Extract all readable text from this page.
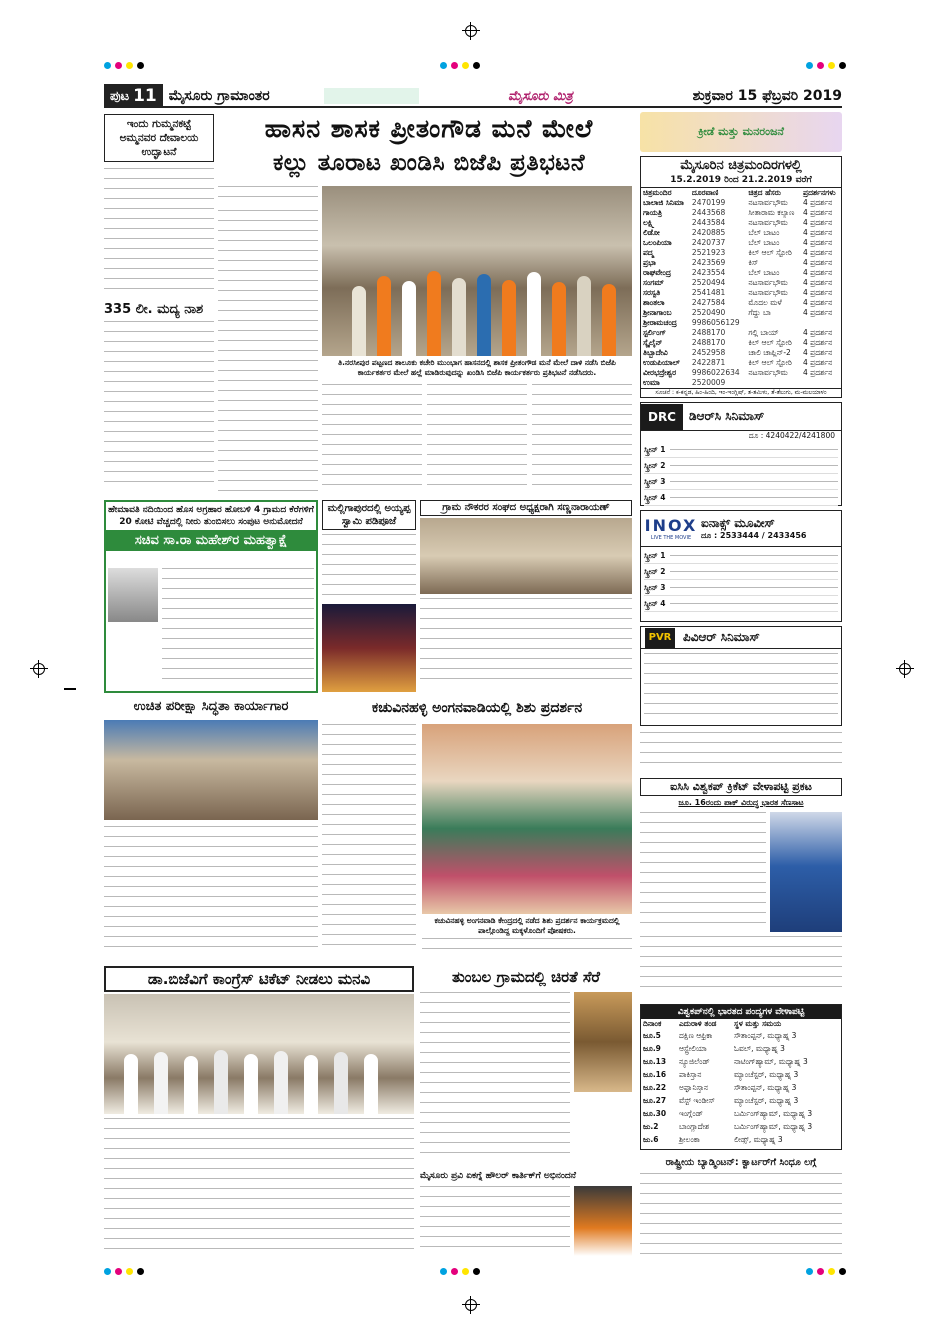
ಪುಟ 11 ಮೈಸೂರು ಗ್ರಾಮಾಂತರ	ಮೈಸೂರು ಮಿತ್ರ	ಶುಕ್ರವಾರ 15 ಫೆಬ್ರವರಿ 2019
ಇಂದು ಗುಮ್ಮನಕಟ್ಟೆ ಅಮ್ಮನವರ ದೇವಾಲಯ ಉದ್ಘಾಟನೆ
335 ಲೀ. ಮದ್ಯ ನಾಶ
ಹಾಸನ ಶಾಸಕ ಪ್ರೀತಂಗೌಡ ಮನೆ ಮೇಲೆ
ಕಲ್ಲು ತೂರಾಟ ಖಂಡಿಸಿ ಬಿಜೆಪಿ ಪ್ರತಿಭಟನೆ
ತಿ.ನರಸೀಪುರ ಪಟ್ಟಣದ ತಾಲೂಕು ಕಚೇರಿ ಮುಂಭಾಗ ಹಾಸನದಲ್ಲಿ ಶಾಸಕ ಪ್ರೀತಂಗೌಡ ಮನೆ ಮೇಲೆ ದಾಳಿ ನಡೆಸಿ ಬಿಜೆಪಿ ಕಾರ್ಯಕರ್ತರ ಮೇಲೆ ಹಲ್ಲೆ ಮಾಡಿರುವುದನ್ನು ಖಂಡಿಸಿ ಬಿಜೆಪಿ ಕಾರ್ಯಕರ್ತರು ಪ್ರತಿಭಟನೆ ನಡೆಸಿದರು.
ಹೇಮಾವತಿ ನದಿಯಿಂದ ಹೊಸ ಅಗ್ರಹಾರ ಹೋಬಳಿ 4 ಗ್ರಾಮದ ಕೆರೆಗಳಿಗೆ 20 ಕೋಟಿ ವೆಚ್ಚದಲ್ಲಿ ನೀರು ತುಂಬಿಸಲು ಸಂಪುಟ ಅನುಮೋದನೆ
ಸಚಿವ ಸಾ.ರಾ ಮಹೇಶ್‍ರ ಮಹತ್ವಾಕ್ಷೆ
ಮಲ್ಲಿಗಾಪುರದಲ್ಲಿ ಅಯ್ಯಪ್ಪ ಸ್ವಾಮಿ ಪಡಿಪೂಜೆ
ಗ್ರಾಮ ನೌಕರರ ಸಂಘದ ಅಧ್ಯಕ್ಷರಾಗಿ ಸಣ್ಣನಾರಾಯಣ್
ಉಚಿತ ಪರೀಕ್ಷಾ ಸಿದ್ಧತಾ ಕಾರ್ಯಾಗಾರ	ಕಚುವಿನಹಳ್ಳಿ ಅಂಗನವಾಡಿಯಲ್ಲಿ ಶಿಶು ಪ್ರದರ್ಶನ
ಕಚುವಿನಹಳ್ಳಿ ಅಂಗನವಾಡಿ ಕೇಂದ್ರದಲ್ಲಿ ನಡೆದ ಶಿಶು ಪ್ರದರ್ಶನ ಕಾರ್ಯಕ್ರಮದಲ್ಲಿ ಪಾಲ್ಗೊಂಡಿದ್ದ ಮಕ್ಕಳೊಂದಿಗೆ ಪೋಷಕರು.
ಡಾ.ಬಿಜೆವಿಗೆ ಕಾಂಗ್ರೆಸ್ ಟಿಕೆಟ್ ನೀಡಲು ಮನವಿ	ತುಂಬಲ ಗ್ರಾಮದಲ್ಲಿ ಚಿರತೆ ಸೆರೆ
ಮೈಸೂರು ಪ್ರವಿ ಏಕಗ್ನೆ ಹೌಲರ್ ಕಾರ್ತಿಕ್‌ಗೆ ಅಭಿನಂದನೆ
ಕ್ರೀಡೆ ಮತ್ತು ಮನರಂಜನೆ
ಮೈಸೂರಿನ ಚಿತ್ರಮಂದಿರಗಳಲ್ಲಿ
15.2.2019 ರಿಂದ 21.2.2019 ವರೆಗೆ
ಚಿತ್ರಮಂದಿರ	ದೂರವಾಣಿ	ಚಿತ್ರದ ಹೆಸರು	ಪ್ರದರ್ಶನಗಳು
ಬಾಲಾಜಿ ಸಿನಿಮಾ	2470199	ನಟಸಾರ್ವಭೌಮ	4 ಪ್ರದರ್ಶನ
ಗಾಯತ್ರಿ	2443568	ಸೀತಾರಾಮ ಕಲ್ಯಾಣ	4 ಪ್ರದರ್ಶನ
ಲಕ್ಷ್ಮಿ	2443584	ನಟಸಾರ್ವಭೌಮ	4 ಪ್ರದರ್ಶನ
ಲಿಡೋ	2420885	ಬೆಲ್ ಬಾಟಂ	4 ಪ್ರದರ್ಶನ
ಒಲಂಪಿಯಾ	2420737	ಬೆಲ್ ಬಾಟಂ	4 ಪ್ರದರ್ಶನ
ಪದ್ಮ	2521923	ಕಿಲ್ ಆಲ್ ಸ್ಟೋರಿ	4 ಪ್ರದರ್ಶನ
ಪ್ರಭಾ	2423569	ಕಿಸ್	4 ಪ್ರದರ್ಶನ
ರಾಘವೇಂದ್ರ	2423554	ಬೆಲ್ ಬಾಟಂ	4 ಪ್ರದರ್ಶನ
ಸಂಗಮ್	2520494	ನಟಸಾರ್ವಭೌಮ	4 ಪ್ರದರ್ಶನ
ಸರಸ್ವತಿ	2541481	ನಟಸಾರ್ವಭೌಮ	4 ಪ್ರದರ್ಶನ
ಶಾಂತಲಾ	2427584	ಮೊದಲ ಮಳೆ	4 ಪ್ರದರ್ಶನ
ಶ್ರೀನಾಗಾಂಬ	2520490	ಗೆದ್ದು ಬಾ	4 ಪ್ರದರ್ಶನ
ಶ್ರೀರಾಮಚಂದ್ರ	9986056129		
ಸ್ಟರ್ಲಿಂಗ್	2488170	ಗಲ್ಲಿ ಬಾಯ್	4 ಪ್ರದರ್ಶನ
ಸ್ಕೈಲೈನ್	2488170	ಕಿಲ್ ಆಲ್ ಸ್ಟೋರಿ	4 ಪ್ರದರ್ಶನ
ತಿಬ್ಬಾದೇವಿ	2452958	ಚಾಲಿ ಚಾಪ್ಲಿನ್-2	4 ಪ್ರದರ್ಶನ
ಉಡುಪಿಯಾಲ್	2422871	ಕಿಲ್ ಆಲ್ ಸ್ಟೋರಿ	4 ಪ್ರದರ್ಶನ
ವೀರಭದ್ರೇಶ್ವರ	9986022634	ನಟಸಾರ್ವಭೌಮ	4 ಪ್ರದರ್ಶನ
ಉಮಾ	2520009		
ಸೂಚನೆ : ಕ-ಕನ್ನಡ, ಹಿಂ-ಹಿಂದಿ, ಇಂ-ಇಂಗ್ಲಿಷ್, ತ-ತಮಿಳು, ತೆ-ತೆಲುಗು, ಮ-ಮಲಯಾಳಂ
DRC	ಡಿಆರ್‌ಸಿ ಸಿನಿಮಾಸ್
ದೂ : 4240422/4241800
ಸ್ಕ್ರೀನ್ 1
ಸ್ಕ್ರೀನ್ 2
ಸ್ಕ್ರೀನ್ 3
ಸ್ಕ್ರೀನ್ 4
INOX
LIVE THE MOVIE
ಐನಾಕ್ಸ್ ಮೂವೀಸ್
ದೂ : 2533444 / 2433456
ಸ್ಕ್ರೀನ್ 1
ಸ್ಕ್ರೀನ್ 2
ಸ್ಕ್ರೀನ್ 3
ಸ್ಕ್ರೀನ್ 4
PVR ಪಿವಿಆರ್ ಸಿನಿಮಾಸ್
ಐಸಿಸಿ ವಿಶ್ವಕಪ್ ಕ್ರಿಕೆಟ್ ವೇಳಾಪಟ್ಟಿ ಪ್ರಕಟ
ಜೂ. 16ರಂದು ಪಾಕ್ ವಿರುದ್ಧ ಭಾರತ ಸೆಣಸಾಟ
ವಿಶ್ವಕಪ್‌ನಲ್ಲಿ ಭಾರತದ ಪಂದ್ಯಗಳ ವೇಳಾಪಟ್ಟಿ
ದಿನಾಂಕ	ಎದುರಾಳಿ ತಂಡ	ಸ್ಥಳ ಮತ್ತು ಸಮಯ
ಜೂ.5	ದಕ್ಷಿಣ ಆಫ್ರಿಕಾ	ಸೌತಾಂಪ್ಟನ್, ಮಧ್ಯಾಹ್ನ 3
ಜೂ.9	ಆಸ್ಟ್ರೇಲಿಯಾ	ಓವಲ್, ಮಧ್ಯಾಹ್ನ 3
ಜೂ.13	ನ್ಯೂಜಿಲೆಂಡ್	ನಾಟಿಂಗ್‌ಹ್ಯಾಮ್, ಮಧ್ಯಾಹ್ನ 3
ಜೂ.16	ಪಾಕಿಸ್ತಾನ	ಮ್ಯಾಂಚೆಸ್ಟರ್, ಮಧ್ಯಾಹ್ನ 3
ಜೂ.22	ಅಫ್ಘಾನಿಸ್ತಾನ	ಸೌತಾಂಪ್ಟನ್, ಮಧ್ಯಾಹ್ನ 3
ಜೂ.27	ವೆಸ್ಟ್ ಇಂಡೀಸ್	ಮ್ಯಾಂಚೆಸ್ಟರ್, ಮಧ್ಯಾಹ್ನ 3
ಜೂ.30	ಇಂಗ್ಲೆಂಡ್	ಬರ್ಮಿಂಗ್‌ಹ್ಯಾಮ್, ಮಧ್ಯಾಹ್ನ 3
ಜು.2	ಬಾಂಗ್ಲಾದೇಶ	ಬರ್ಮಿಂಗ್‌ಹ್ಯಾಮ್, ಮಧ್ಯಾಹ್ನ 3
ಜು.6	ಶ್ರೀಲಂಕಾ	ಲೀಡ್ಸ್, ಮಧ್ಯಾಹ್ನ 3
ರಾಷ್ಟ್ರೀಯ ಬ್ಯಾಡ್ಮಿಂಟನ್: ಕ್ವಾರ್ಟರ್‌ಗೆ ಸಿಂಧೂ ಲಗ್ಗೆ
